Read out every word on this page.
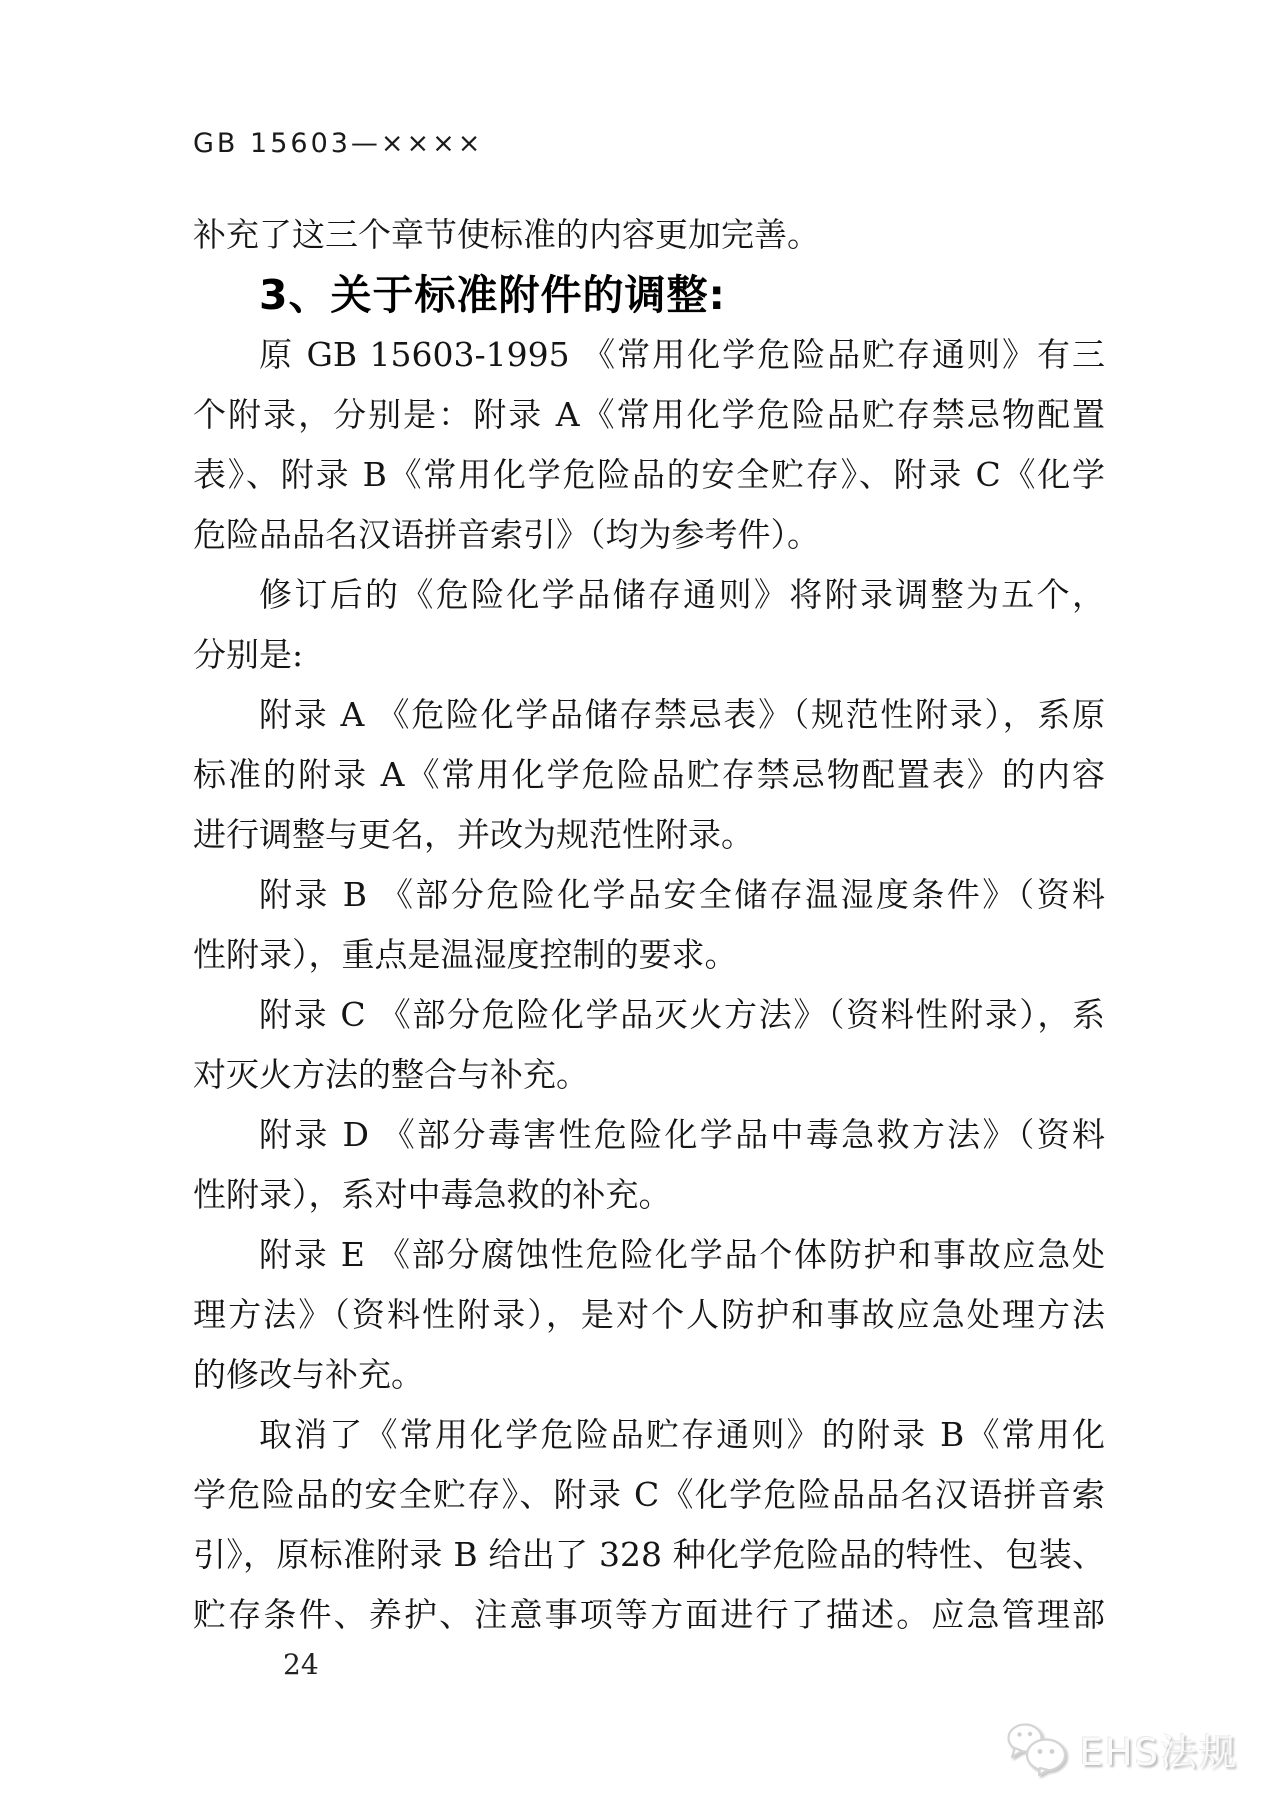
GB 15603—××××
补充了这三个章节使标准的内容更加完善。
3、关于标准附件的调整:
原 GB 15603-1995 《常用化学危险品贮存通则》有三
个附录，分别是：附录 A《常用化学危险品贮存禁忌物配置
表》、附录 B《常用化学危险品的安全贮存》、附录 C《化学
危险品品名汉语拼音索引》（均为参考件）。
修订后的《危险化学品储存通则》将附录调整为五个，
分别是:
附录 A 《危险化学品储存禁忌表》（规范性附录），系原
标准的附录 A《常用化学危险品贮存禁忌物配置表》的内容
进行调整与更名，并改为规范性附录。
附录 B 《部分危险化学品安全储存温湿度条件》（资料
性附录），重点是温湿度控制的要求。
附录 C 《部分危险化学品灭火方法》（资料性附录），系
对灭火方法的整合与补充。
附录 D 《部分毒害性危险化学品中毒急救方法》（资料
性附录），系对中毒急救的补充。
附录 E 《部分腐蚀性危险化学品个体防护和事故应急处
理方法》（资料性附录），是对个人防护和事故应急处理方法
的修改与补充。
取消了《常用化学危险品贮存通则》的附录 B《常用化
学危险品的安全贮存》、附录 C《化学危险品品名汉语拼音索
引》，原标准附录 B 给出了 328 种化学危险品的特性、包装、
贮存条件、养护、注意事项等方面进行了描述。应急管理部
24
EHS法规
